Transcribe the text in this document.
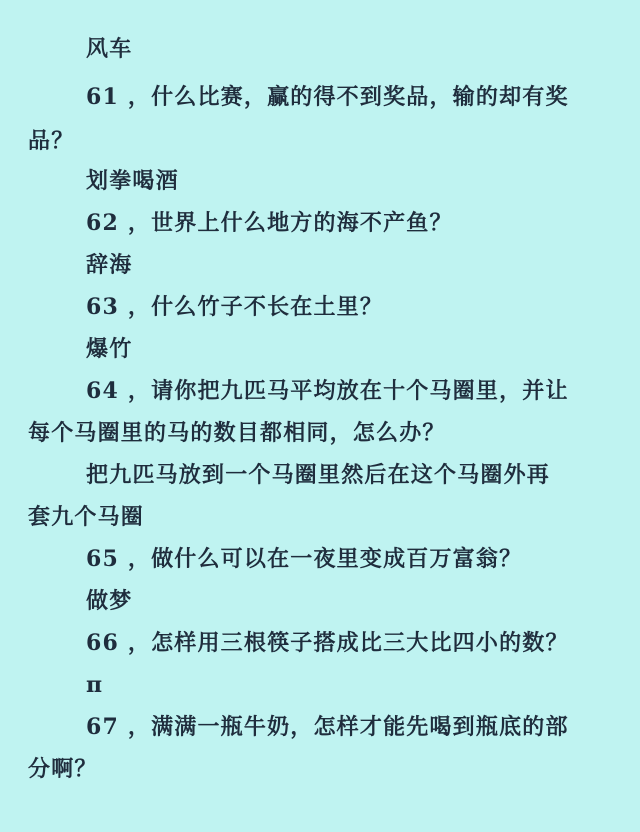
风车
61 ，什么比赛，赢的得不到奖品，输的却有奖
品？
划拳喝酒
62 ，世界上什么地方的海不产鱼？
辞海
63 ，什么竹子不长在土里？
爆竹
64 ，请你把九匹马平均放在十个马圈里，并让
每个马圈里的马的数目都相同，怎么办？
把九匹马放到一个马圈里然后在这个马圈外再
套九个马圈
65 ，做什么可以在一夜里变成百万富翁？
做梦
66 ，怎样用三根筷子搭成比三大比四小的数？
π
67 ，满满一瓶牛奶，怎样才能先喝到瓶底的部
分啊？
